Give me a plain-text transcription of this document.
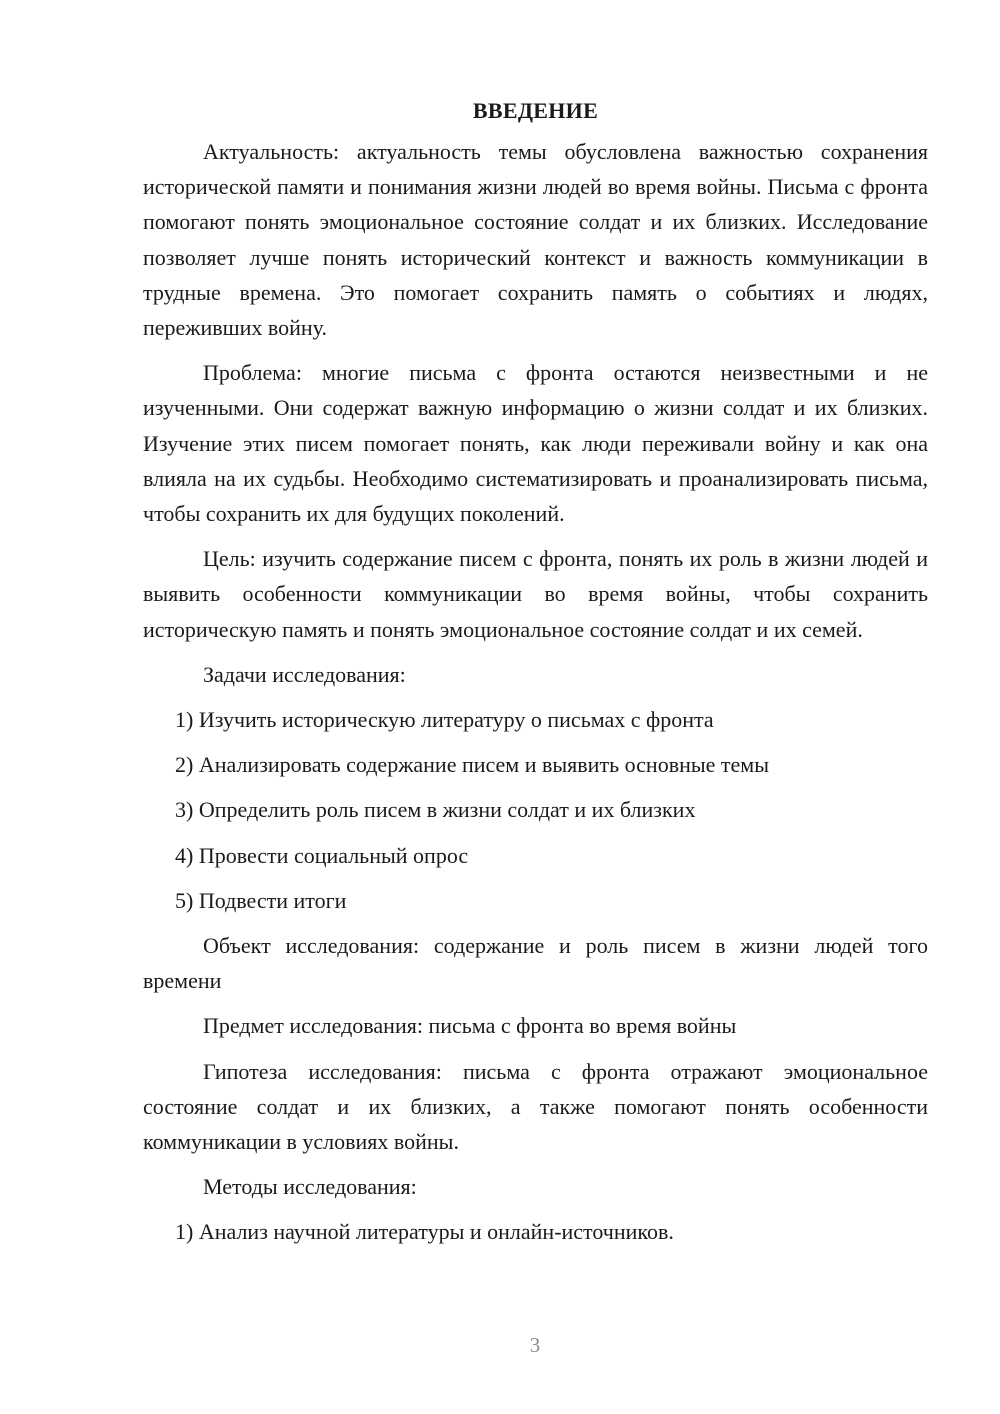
ВВЕДЕНИЕ
Актуальность: актуальность темы обусловлена важностью сохранения исторической памяти и понимания жизни людей во время войны. Письма с фронта помогают понять эмоциональное состояние солдат и их близких. Исследование позволяет лучше понять исторический контекст и важность коммуникации в трудные времена. Это помогает сохранить память о событиях и людях, переживших войну.
Проблема: многие письма с фронта остаются неизвестными и не изученными. Они содержат важную информацию о жизни солдат и их близких. Изучение этих писем помогает понять, как люди переживали войну и как она влияла на их судьбы. Необходимо систематизировать и проанализировать письма, чтобы сохранить их для будущих поколений.
Цель: изучить содержание писем с фронта, понять их роль в жизни людей и выявить особенности коммуникации во время войны, чтобы сохранить историческую память и понять эмоциональное состояние солдат и их семей.
Задачи исследования:
1) Изучить историческую литературу о письмах с фронта
2) Анализировать содержание писем и выявить основные темы
3) Определить роль писем в жизни солдат и их близких
4) Провести социальный опрос
5) Подвести итоги
Объект исследования: содержание и роль писем в жизни людей того времени
Предмет исследования: письма с фронта во время войны
Гипотеза исследования: письма с фронта отражают эмоциональное состояние солдат и их близких, а также помогают понять особенности коммуникации в условиях войны.
Методы исследования:
1) Анализ научной литературы и онлайн-источников.
3
